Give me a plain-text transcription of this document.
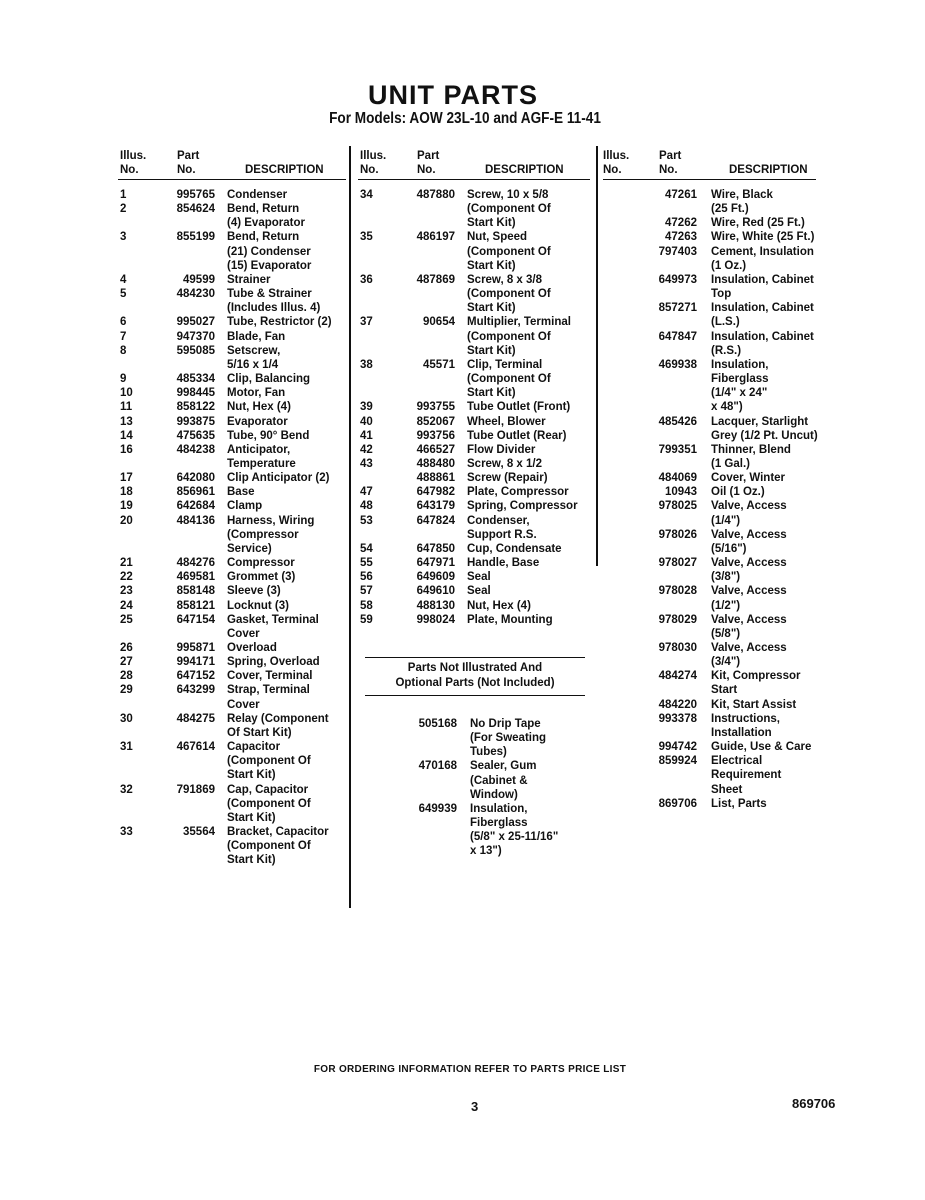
UNIT PARTS
For Models: AOW 23L-10 and AGF-E 11-41
Illus.
No.
Part
No.	DESCRIPTION
1	995765 Condenser
2	854624 Bend, Return
(4) Evaporator
3	855199 Bend, Return
(21) Condenser
(15) Evaporator
4	49599 Strainer
5	484230 Tube & Strainer
(Includes Illus. 4)
6	995027 Tube, Restrictor (2)
7	947370 Blade, Fan
8	595085 Setscrew,
5/16 x 1/4
9	485334 Clip, Balancing
10	998445 Motor, Fan
11	858122 Nut, Hex (4)
13	993875 Evaporator
14	475635 Tube, 90° Bend
16	484238 Anticipator,
Temperature
17	642080 Clip Anticipator (2)
18	856961 Base
19	642684 Clamp
20	484136 Harness, Wiring
(Compressor
Service)
21	484276 Compressor
22	469581 Grommet (3)
23	858148 Sleeve (3)
24	858121 Locknut (3)
25	647154 Gasket, Terminal
Cover
26	995871 Overload
27	994171 Spring, Overload
28	647152 Cover, Terminal
29	643299 Strap, Terminal
Cover
30	484275 Relay (Component
Of Start Kit)
31	467614 Capacitor
(Component Of
Start Kit)
32	791869 Cap, Capacitor
(Component Of
Start Kit)
33	35564 Bracket, Capacitor
(Component Of
Start Kit)
Illus.
No.
Part
No.	DESCRIPTION
34	487880 Screw, 10 x 5/8
(Component Of
Start Kit)
35	486197 Nut, Speed
(Component Of
Start Kit)
36	487869 Screw, 8 x 3/8
(Component Of
Start Kit)
37	90654 Multiplier, Terminal
(Component Of
Start Kit)
38	45571 Clip, Terminal
(Component Of
Start Kit)
39	993755 Tube Outlet (Front)
40	852067 Wheel, Blower
41	993756 Tube Outlet (Rear)
42	466527 Flow Divider
43	488480 Screw, 8 x 1/2
488861 Screw (Repair)
47	647982 Plate, Compressor
48	643179 Spring, Compressor
53	647824 Condenser,
Support R.S.
54	647850 Cup, Condensate
55	647971 Handle, Base
56	649609 Seal
57	649610 Seal
58	488130 Nut, Hex (4)
59	998024 Plate, Mounting
Illus.
No.
Part
No.	DESCRIPTION
47261 Wire, Black
(25 Ft.)
47262 Wire, Red (25 Ft.)
47263 Wire, White (25 Ft.)
797403 Cement, Insulation
(1 Oz.)
649973 Insulation, Cabinet
Top
857271 Insulation, Cabinet
(L.S.)
647847 Insulation, Cabinet
(R.S.)
469938 Insulation,
Fiberglass
(1/4" x 24"
x 48")
485426 Lacquer, Starlight
Grey (1/2 Pt. Uncut)
799351 Thinner, Blend
(1 Gal.)
484069 Cover, Winter
10943 Oil (1 Oz.)
978025 Valve, Access
(1/4")
978026 Valve, Access
(5/16")
978027 Valve, Access
(3/8")
978028 Valve, Access
(1/2")
978029 Valve, Access
(5/8")
978030 Valve, Access
(3/4")
484274 Kit, Compressor
Start
484220 Kit, Start Assist
993378 Instructions,
Installation
994742 Guide, Use & Care
859924 Electrical
Requirement
Sheet
869706 List, Parts
Parts Not Illustrated And
Optional Parts (Not Included)
505168 No Drip Tape
(For Sweating
Tubes)
470168 Sealer, Gum
(Cabinet &
Window)
649939 Insulation,
Fiberglass
(5/8" x 25-11/16"
x 13")
FOR ORDERING INFORMATION REFER TO PARTS PRICE LIST
3	869706
